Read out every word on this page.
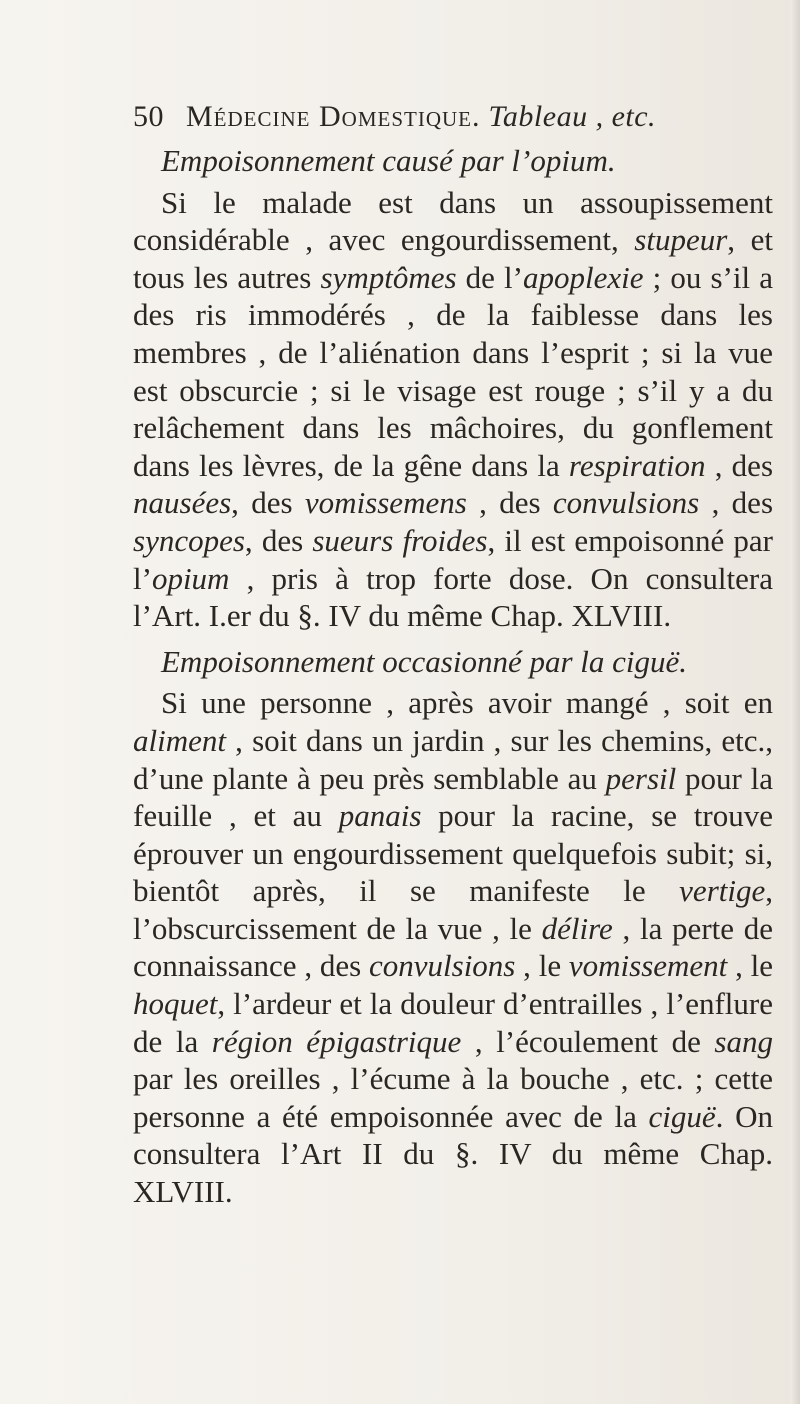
50 Médecine Domestique. Tableau , etc.
Empoisonnement causé par l’opium.

Si le malade est dans un assoupissement considérable , avec engourdissement, stupeur, et tous les autres symptômes de l’apoplexie ; ou s’il a des ris immodérés , de la faiblesse dans les membres , de l’aliénation dans l’esprit ; si la vue est obscurcie ; si le visage est rouge ; s’il y a du relâchement dans les mâchoires, du gonflement dans les lèvres, de la gêne dans la respiration , des nausées, des vomissemens , des convulsions , des syncopes, des sueurs froides, il est empoisonné par l’opium , pris à trop forte dose. On consultera l’Art. I.er du §. IV du même Chap. XLVIII.

Empoisonnement occasionné par la ciguë.

Si une personne , après avoir mangé , soit en aliment , soit dans un jardin , sur les chemins, etc., d’une plante à peu près semblable au persil pour la feuille , et au panais pour la racine, se trouve éprouver un engourdissement quelquefois subit; si, bientôt après, il se manifeste le vertige, l’obscurcissement de la vue , le délire , la perte de connaissance , des convulsions , le vomissement , le hoquet, l’ardeur et la douleur d’entrailles , l’enflure de la région épigastrique , l’écoulement de sang par les oreilles , l’écume à la bouche , etc. ; cette personne a été empoisonnée avec de la ciguë. On consultera l’Art II du §. IV du même Chap. XLVIII.
